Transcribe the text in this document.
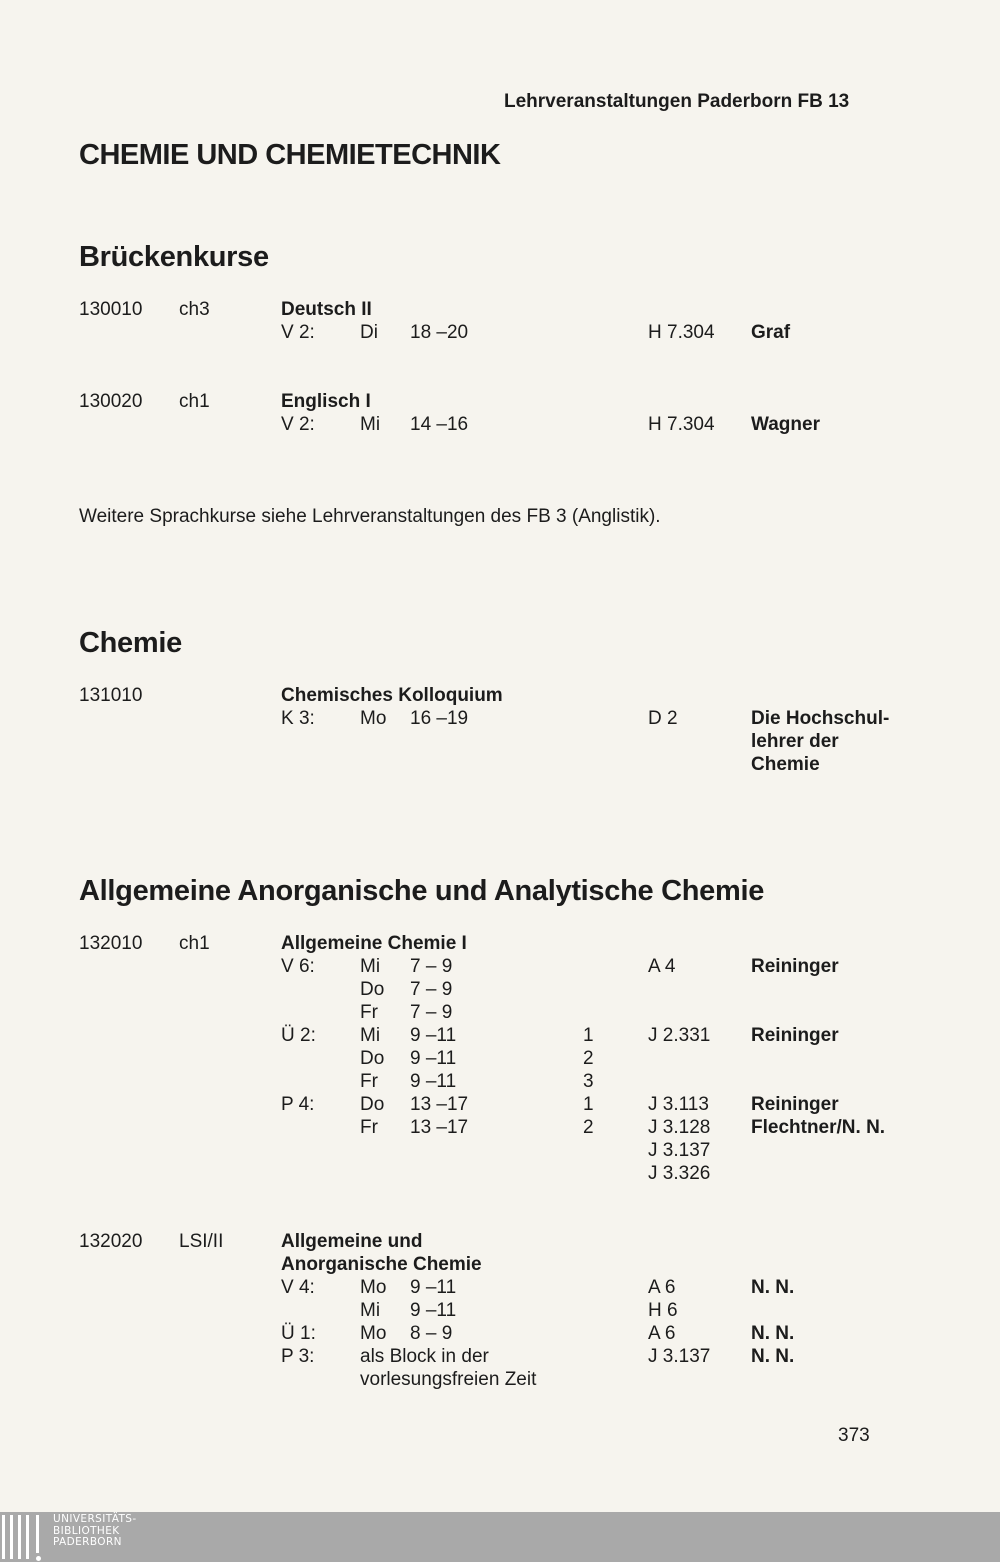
Lehrveranstaltungen Paderborn FB 13
CHEMIE UND CHEMIETECHNIK
Brückenkurse
130010 ch3	Deutsch II
V 2: Di 18 –20	H 7.304 Graf
130020 ch1	Englisch I
V 2: Mi 14 –16	H 7.304 Wagner
Weitere Sprachkurse siehe Lehrveranstaltungen des FB 3 (Anglistik).
Chemie
131010	Chemisches Kolloquium
K 3: Mo 16 –19	D 2	Die Hochschul-
lehrer der
Chemie
Allgemeine Anorganische und Analytische Chemie
132010 ch1	Allgemeine Chemie I
V 6: Mi 7 – 9	A 4	Reininger
Do 7 – 9
Fr 7 – 9
Ü 2: Mi 9 –11	1	J 2.331 Reininger
Do 9 –11	2
Fr 9 –11	3
P 4: Do 13 –17	1	J 3.113 Reininger
Fr 13 –17	2	J 3.128 Flechtner/N. N.
J 3.137
J 3.326
132020 LSI/II	Allgemeine und
Anorganische Chemie
V 4: Mo 9 –11	A 6	N. N.
Mi 9 –11	H 6
Ü 1: Mo 8 – 9	A 6	N. N.
P 3: als Block in der	J 3.137 N. N.
vorlesungsfreien Zeit
373
UNIVERSITÄTS-
BIBLIOTHEK
PADERBORN
